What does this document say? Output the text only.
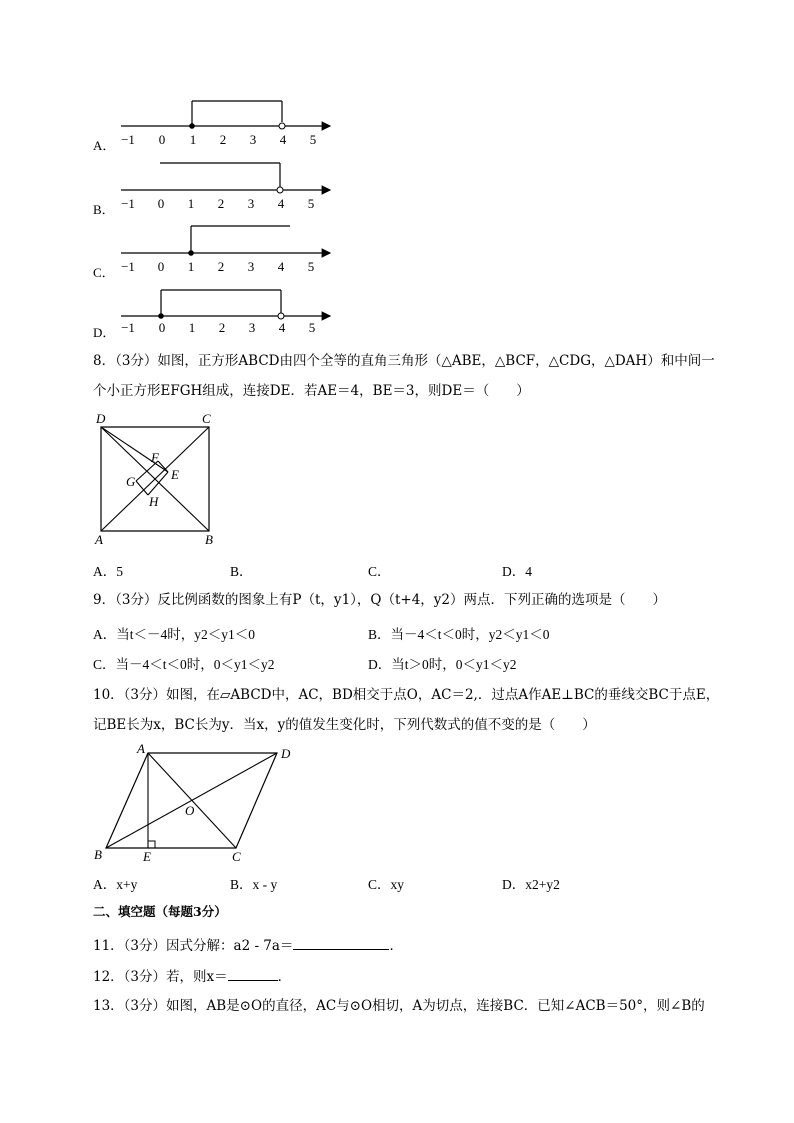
A． −1 0 1 2 3 4 5
B． −1 0 1 2 3 4 5
C． −1 0 1 2 3 4 5
D． −1 0 1 2 3 4 5
8．（3分）如图，正方形ABCD由四个全等的直角三角形（△ABE，△BCF，△CDG，△DAH）和中间一
个小正方形EFGH组成，连接DE．若AE＝4，BE＝3，则DE＝（　　）
D	C
F
E
G
H
A	B
A．5	B．	C．	D．4
9．（3分）反比例函数的图象上有P（t，y1），Q（t+4，y2）两点．下列正确的选项是（　　）
A．当t＜－4时，y2＜y1＜0	B．当－4＜t＜0时，y2＜y1＜0
C．当－4＜t＜0时，0＜y1＜y2	D．当t＞0时，0＜y1＜y2
10．（3分）如图，在▱ABCD中，AC，BD相交于点O，AC＝2,．过点A作AE⊥BC的垂线交BC于点E，
记BE长为x，BC长为y．当x，y的值发生变化时，下列代数式的值不变的是（　　）
A	D
O
B	E	C
A．x+y	B．x - y	C．xy	D．x2+y2
二、填空题（每题3分）
11．（3分）因式分解：a2 - 7a＝	．
12．（3分）若，则x＝	．
13．（3分）如图，AB是⊙O的直径，AC与⊙O相切，A为切点，连接BC．已知∠ACB＝50°，则∠B的
